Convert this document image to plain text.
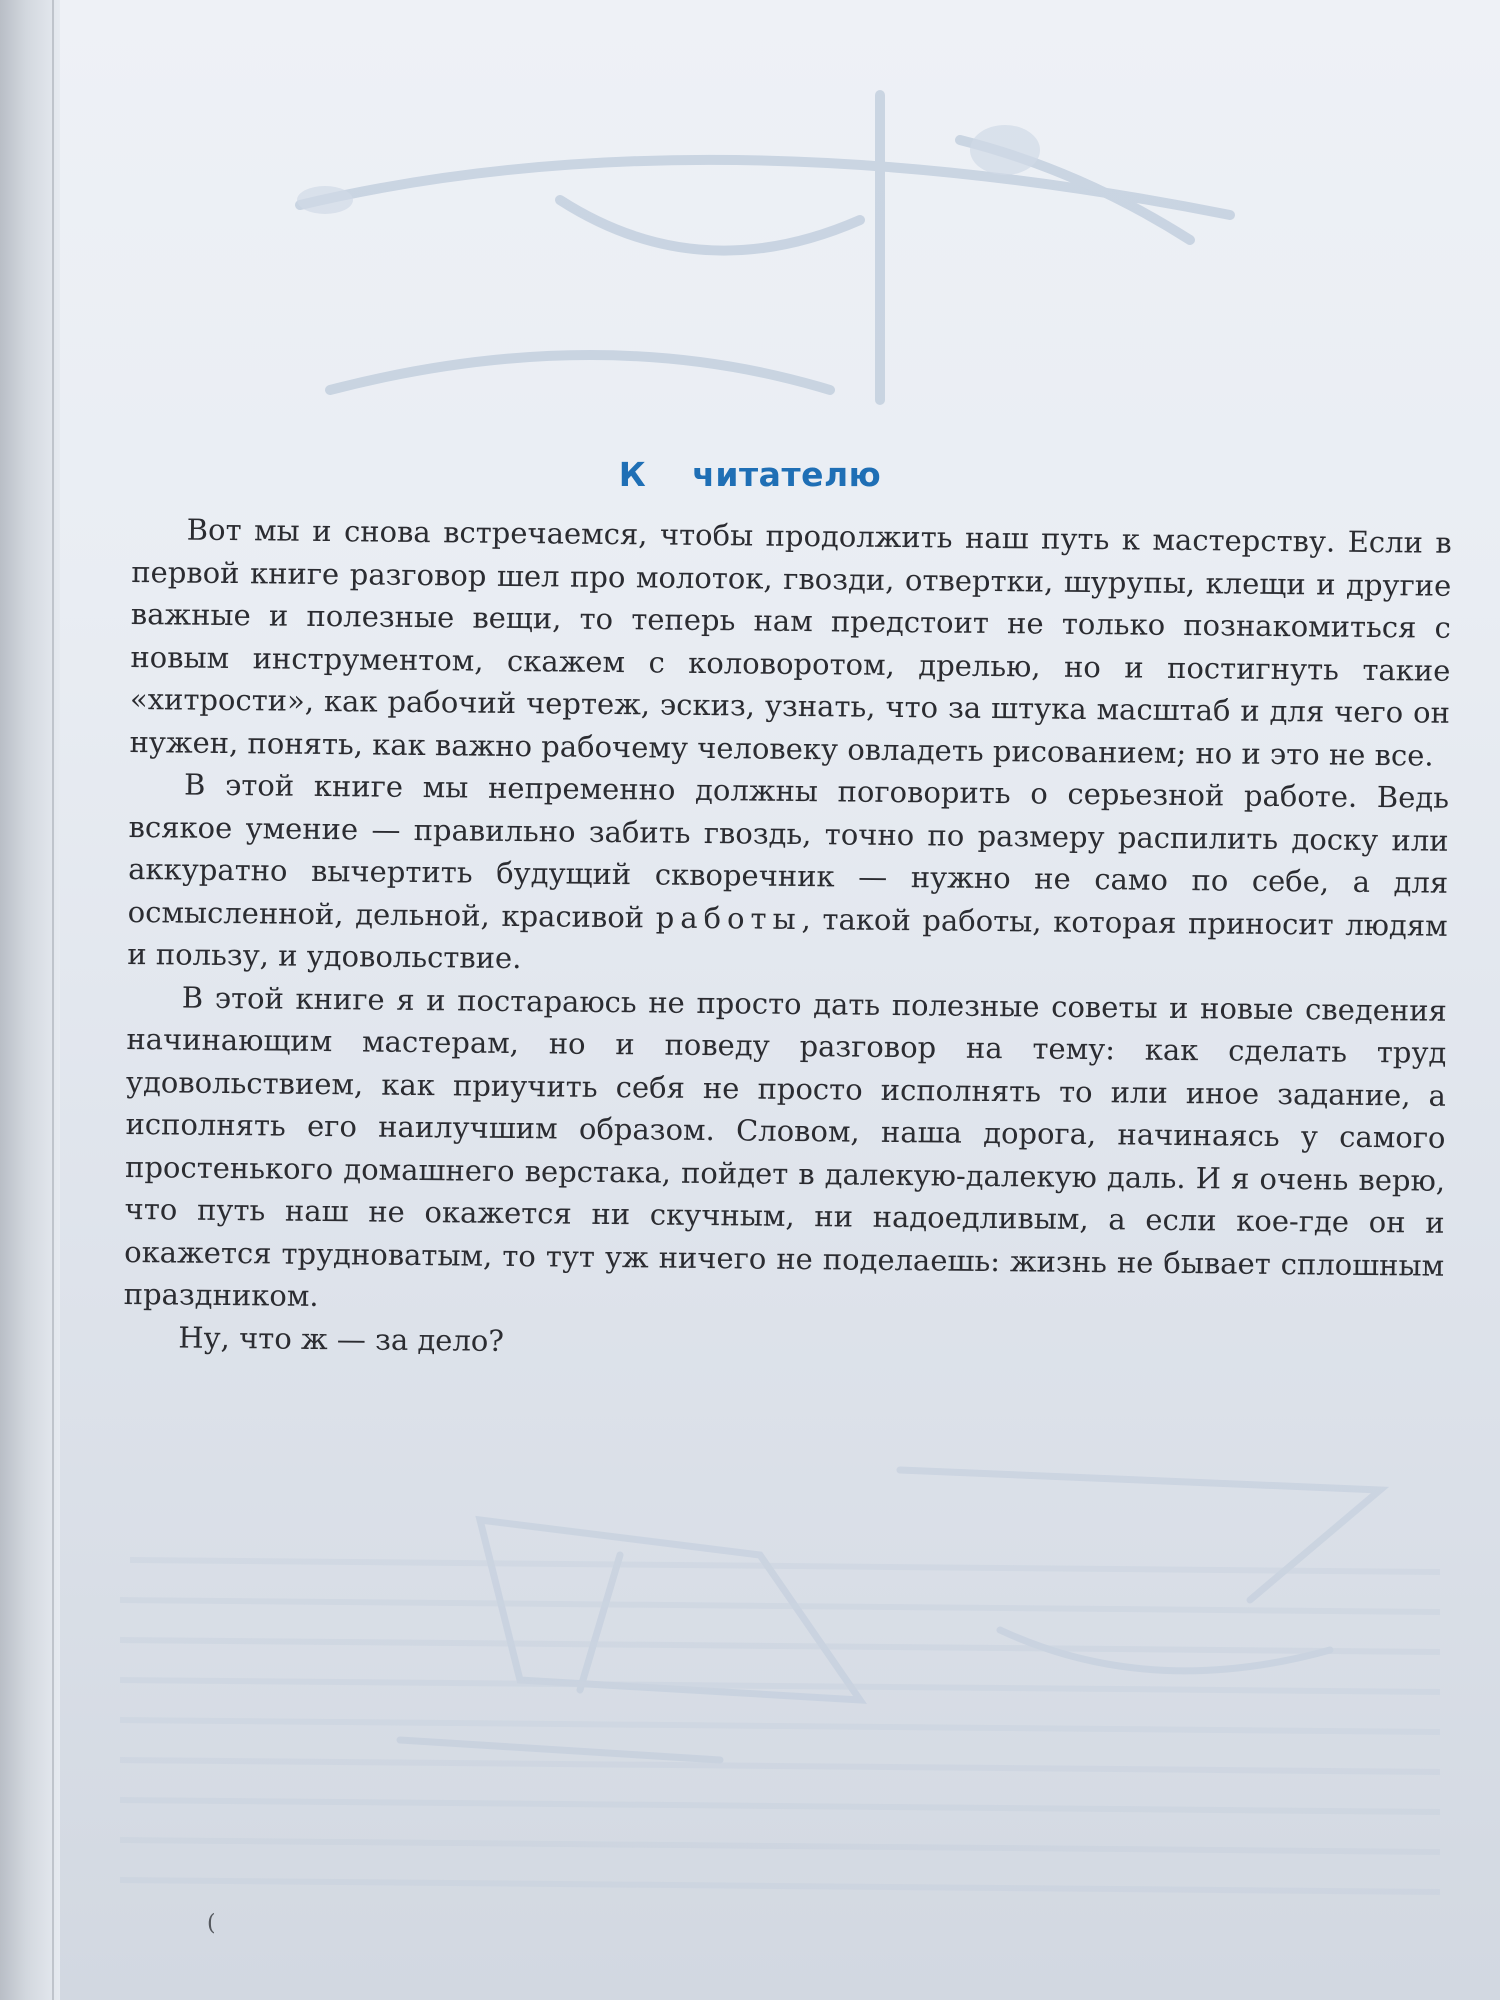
К читателю

Вот мы и снова встречаемся, чтобы продолжить наш путь к мастерству. Если в первой книге разговор шел про молоток, гвозди, отвертки, шурупы, клещи и другие важные и полезные вещи, то теперь нам предстоит не только познакомиться с новым инструментом, скажем с коловоротом, дрелью, но и постигнуть такие «хитрости», как рабочий чертеж, эскиз, узнать, что за штука масштаб и для чего он нужен, понять, как важно рабочему человеку овладеть рисованием; но и это не все.

В этой книге мы непременно должны поговорить о серьезной работе. Ведь всякое умение — правильно забить гвоздь, точно по размеру распилить доску или аккуратно вычертить будущий скворечник — нужно не само по себе, а для осмысленной, дельной, красивой работы, такой работы, которая приносит людям и пользу, и удовольствие.

В этой книге я и постараюсь не просто дать полезные советы и новые сведения начинающим мастерам, но и поведу разговор на тему: как сделать труд удовольствием, как приучить себя не просто исполнять то или иное задание, а исполнять его наилучшим образом. Словом, наша дорога, начинаясь у самого простенького домашнего верстака, пойдет в далекую-далекую даль. И я очень верю, что путь наш не окажется ни скучным, ни надоедливым, а если кое-где он и окажется трудноватым, то тут уж ничего не поделаешь: жизнь не бывает сплошным праздником.

Ну, что ж — за дело?

(
